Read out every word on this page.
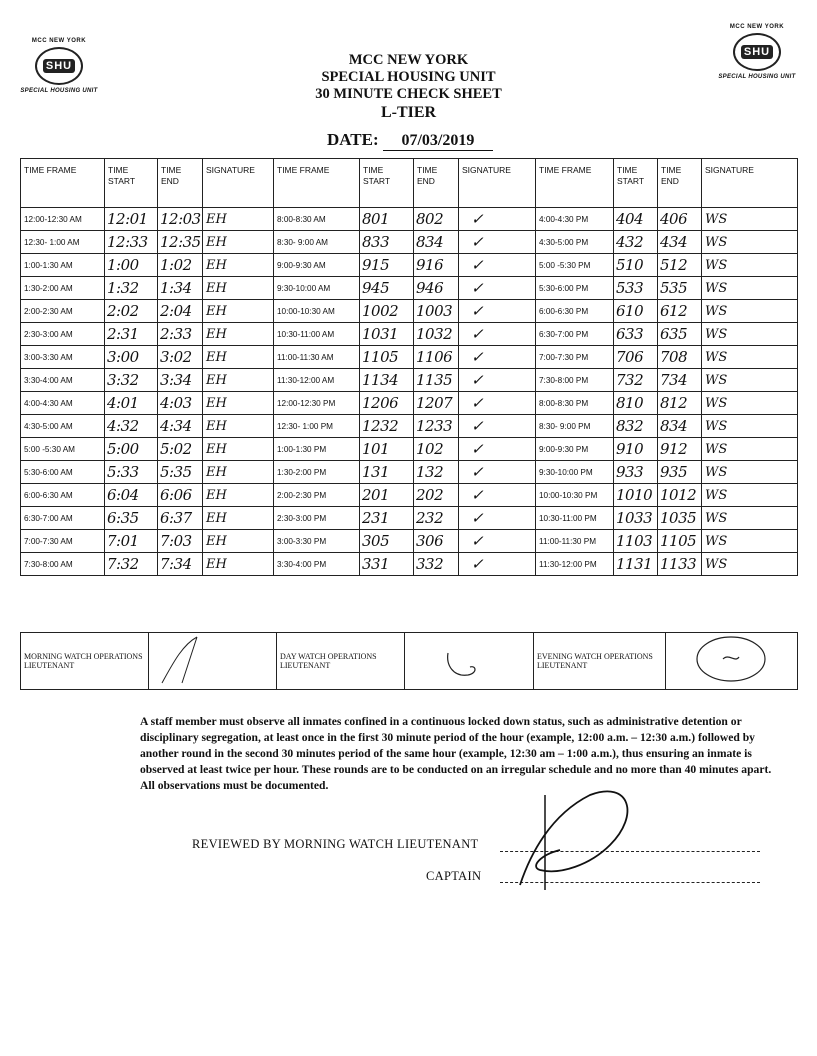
MCC NEW YORK
SHU
SPECIAL HOUSING UNIT
MCC NEW YORK
SHU
SPECIAL HOUSING UNIT
MCC NEW YORK
SPECIAL HOUSING UNIT
30 MINUTE CHECK SHEET
L-TIER
DATE: 07/03/2019
TIME FRAME	TIME START	TIME END	SIGNATURE	TIME FRAME	TIME START	TIME END	SIGNATURE	TIME FRAME	TIME START	TIME END	SIGNATURE
12:00-12:30 AM	12:01	12:03	EH	8:00-8:30 AM	801	802	✓	4:00-4:30 PM	404	406	WS
12:30- 1:00 AM	12:33	12:35	EH	8:30- 9:00 AM	833	834	✓	4:30-5:00 PM	432	434	WS
1:00-1:30 AM	1:00	1:02	EH	9:00-9:30 AM	915	916	✓	5:00 -5:30 PM	510	512	WS
1:30-2:00 AM	1:32	1:34	EH	9:30-10:00 AM	945	946	✓	5:30-6:00 PM	533	535	WS
2:00-2:30 AM	2:02	2:04	EH	10:00-10:30 AM	1002	1003	✓	6:00-6:30 PM	610	612	WS
2:30-3:00 AM	2:31	2:33	EH	10:30-11:00 AM	1031	1032	✓	6:30-7:00 PM	633	635	WS
3:00-3:30 AM	3:00	3:02	EH	11:00-11:30 AM	1105	1106	✓	7:00-7:30 PM	706	708	WS
3:30-4:00 AM	3:32	3:34	EH	11:30-12:00 AM	1134	1135	✓	7:30-8:00 PM	732	734	WS
4:00-4:30 AM	4:01	4:03	EH	12:00-12:30 PM	1206	1207	✓	8:00-8:30 PM	810	812	WS
4:30-5:00 AM	4:32	4:34	EH	12:30- 1:00 PM	1232	1233	✓	8:30- 9:00 PM	832	834	WS
5:00 -5:30 AM	5:00	5:02	EH	1:00-1:30 PM	101	102	✓	9:00-9:30 PM	910	912	WS
5:30-6:00 AM	5:33	5:35	EH	1:30-2:00 PM	131	132	✓	9:30-10:00 PM	933	935	WS
6:00-6:30 AM	6:04	6:06	EH	2:00-2:30 PM	201	202	✓	10:00-10:30 PM	1010	1012	WS
6:30-7:00 AM	6:35	6:37	EH	2:30-3:00 PM	231	232	✓	10:30-11:00 PM	1033	1035	WS
7:00-7:30 AM	7:01	7:03	EH	3:00-3:30 PM	305	306	✓	11:00-11:30 PM	1103	1105	WS
7:30-8:00 AM	7:32	7:34	EH	3:30-4:00 PM	331	332	✓	11:30-12:00 PM	1131	1133	WS
MORNING WATCH OPERATIONS LIEUTENANT		DAY WATCH OPERATIONS LIEUTENANT		EVENING WATCH OPERATIONS LIEUTENANT	
A staff member must observe all inmates confined in a continuous locked down status, such as administrative detention or disciplinary segregation, at least once in the first 30 minute period of the hour (example, 12:00 a.m. – 12:30 a.m.) followed by another round in the second 30 minutes period of the same hour (example, 12:30 am – 1:00 a.m.), thus ensuring an inmate is observed at least twice per hour. These rounds are to be conducted on an irregular schedule and no more than 40 minutes apart. All observations must be documented.
REVIEWED BY MORNING WATCH LIEUTENANT
CAPTAIN
